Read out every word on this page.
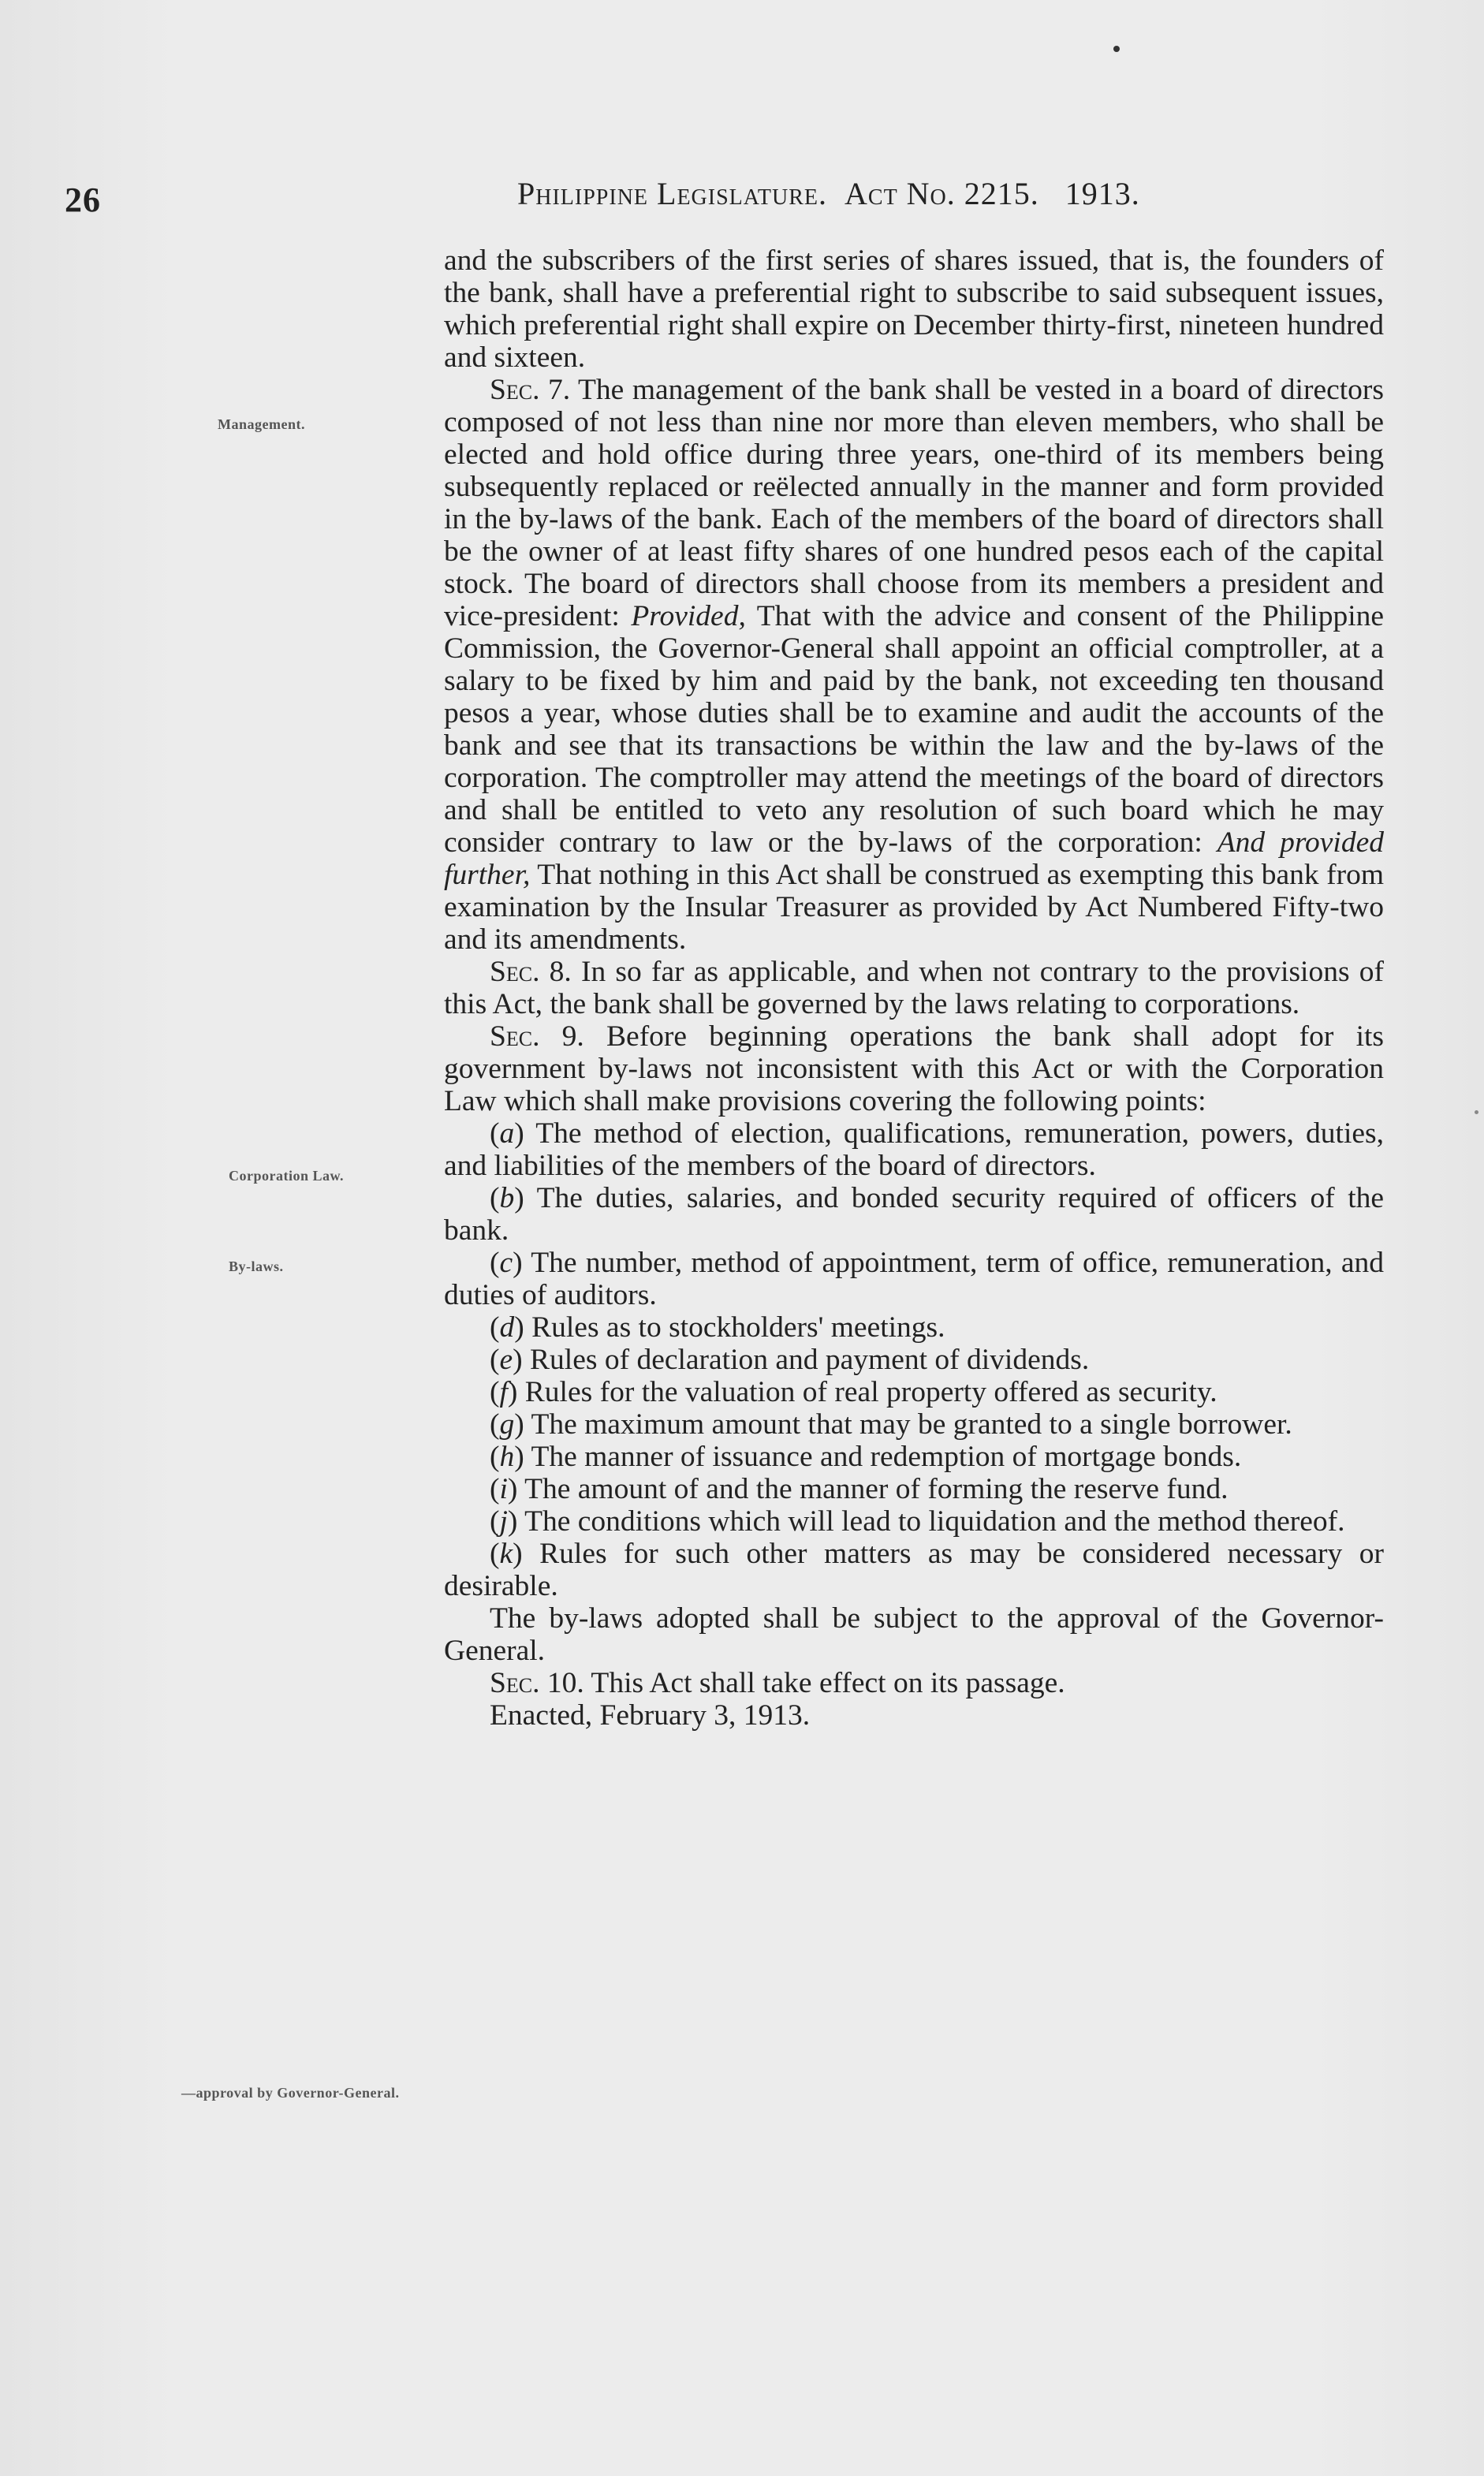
26	Philippine Legislature. Act No. 2215. 1913.
Management.
Corporation Law.
By-laws.
—approval by Governor-General.

and the subscribers of the first series of shares issued, that is, the founders of the bank, shall have a preferential right to subscribe to said subsequent issues, which preferential right shall expire on December thirty-first, nineteen hundred and sixteen.

Sec. 7. The management of the bank shall be vested in a board of directors composed of not less than nine nor more than eleven members, who shall be elected and hold office during three years, one-third of its members being subsequently replaced or reëlected annually in the manner and form provided in the by-laws of the bank. Each of the members of the board of directors shall be the owner of at least fifty shares of one hundred pesos each of the capital stock. The board of directors shall choose from its members a president and vice-president: Provided, That with the advice and consent of the Philippine Commission, the Governor-General shall appoint an official comptroller, at a salary to be fixed by him and paid by the bank, not exceeding ten thousand pesos a year, whose duties shall be to examine and audit the accounts of the bank and see that its transactions be within the law and the by-laws of the corporation. The comptroller may attend the meetings of the board of directors and shall be entitled to veto any resolution of such board which he may consider contrary to law or the by-laws of the corporation: And provided further, That nothing in this Act shall be construed as exempting this bank from examination by the Insular Treasurer as provided by Act Numbered Fifty-two and its amendments.

Sec. 8. In so far as applicable, and when not contrary to the provisions of this Act, the bank shall be governed by the laws relating to corporations.

Sec. 9. Before beginning operations the bank shall adopt for its government by-laws not inconsistent with this Act or with the Corporation Law which shall make provisions covering the following points:

(a) The method of election, qualifications, remuneration, powers, duties, and liabilities of the members of the board of directors.

(b) The duties, salaries, and bonded security required of officers of the bank.

(c) The number, method of appointment, term of office, remuneration, and duties of auditors.

(d) Rules as to stockholders' meetings.

(e) Rules of declaration and payment of dividends.

(f) Rules for the valuation of real property offered as security.

(g) The maximum amount that may be granted to a single borrower.

(h) The manner of issuance and redemption of mortgage bonds.

(i) The amount of and the manner of forming the reserve fund.

(j) The conditions which will lead to liquidation and the method thereof.

(k) Rules for such other matters as may be considered necessary or desirable.

The by-laws adopted shall be subject to the approval of the Governor-General.

Sec. 10. This Act shall take effect on its passage.

Enacted, February 3, 1913.
